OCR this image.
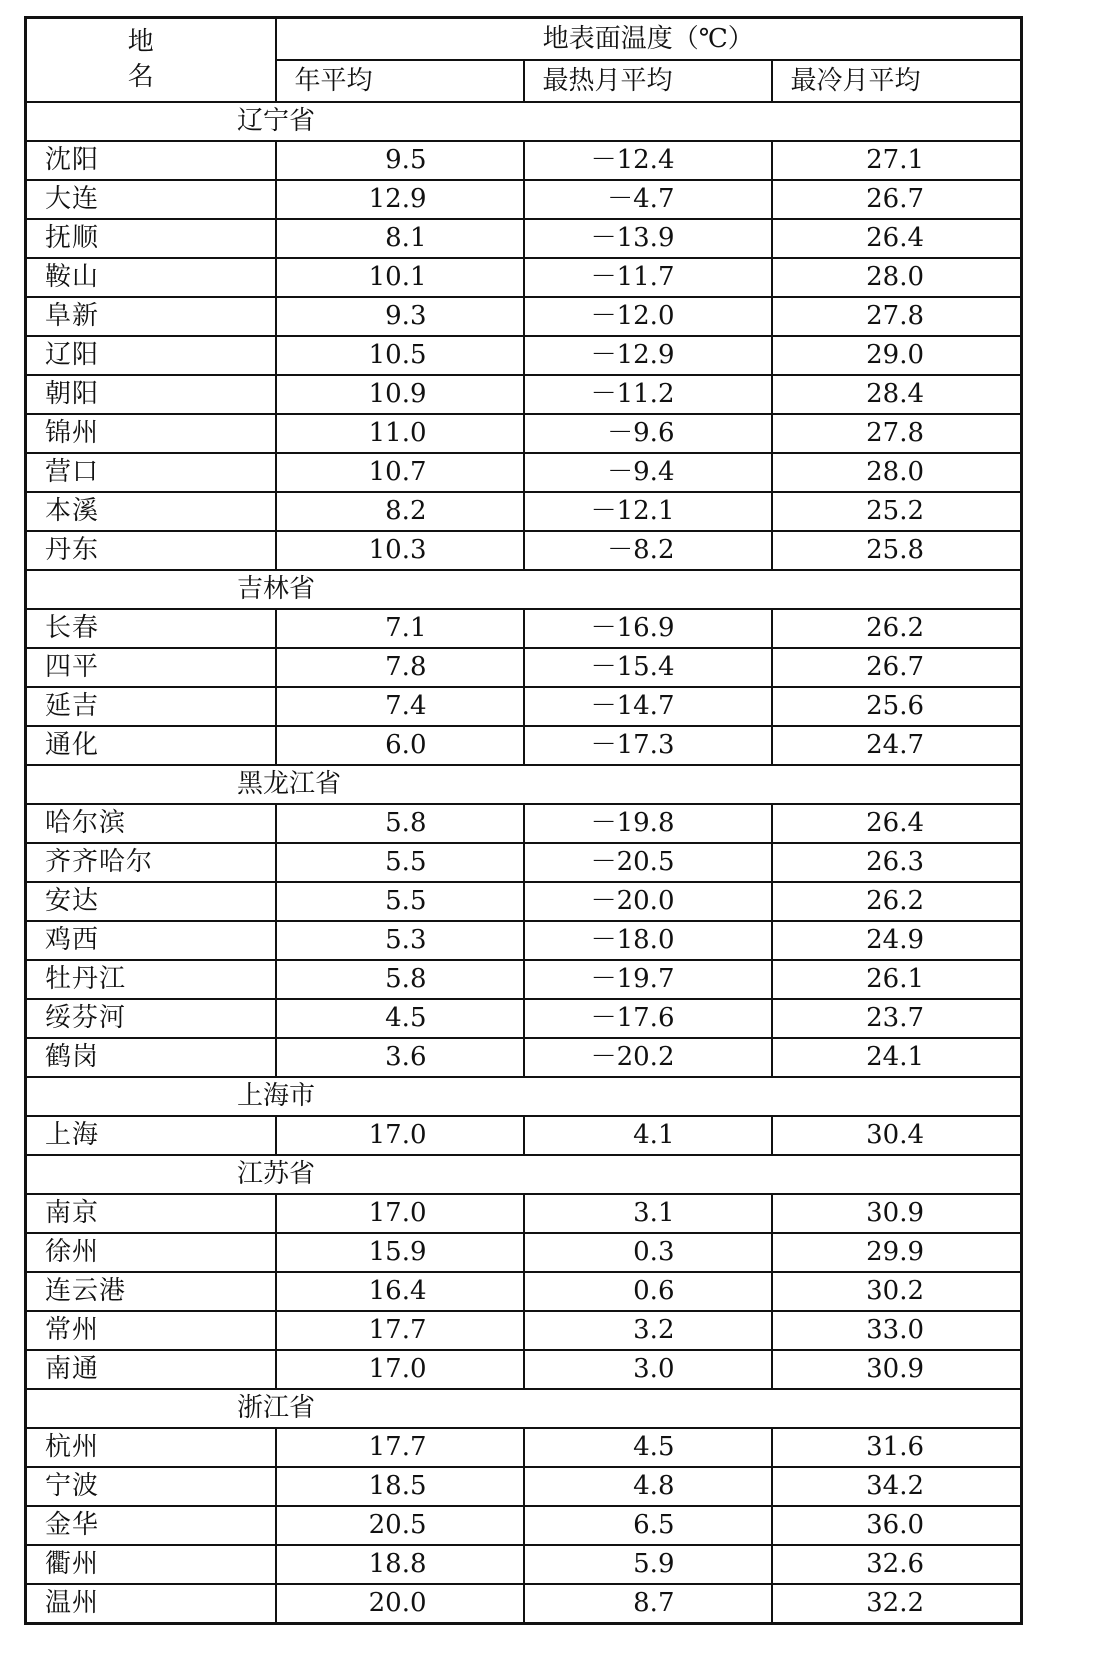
地 名	地表面温度（℃）		
	年平均	最热月平均	最冷月平均
辽宁省			
沈阳	9.5	－12.4	27.1
大连	12.9	－4.7	26.7
抚顺	8.1	－13.9	26.4
鞍山	10.1	－11.7	28.0
阜新	9.3	－12.0	27.8
辽阳	10.5	－12.9	29.0
朝阳	10.9	－11.2	28.4
锦州	11.0	－9.6	27.8
营口	10.7	－9.4	28.0
本溪	8.2	－12.1	25.2
丹东	10.3	－8.2	25.8
吉林省			
长春	7.1	－16.9	26.2
四平	7.8	－15.4	26.7
延吉	7.4	－14.7	25.6
通化	6.0	－17.3	24.7
黑龙江省			
哈尔滨	5.8	－19.8	26.4
齐齐哈尔	5.5	－20.5	26.3
安达	5.5	－20.0	26.2
鸡西	5.3	－18.0	24.9
牡丹江	5.8	－19.7	26.1
绥芬河	4.5	－17.6	23.7
鹤岗	3.6	－20.2	24.1
上海市			
上海	17.0	4.1	30.4
江苏省			
南京	17.0	3.1	30.9
徐州	15.9	0.3	29.9
连云港	16.4	0.6	30.2
常州	17.7	3.2	33.0
南通	17.0	3.0	30.9
浙江省			
杭州	17.7	4.5	31.6
宁波	18.5	4.8	34.2
金华	20.5	6.5	36.0
衢州	18.8	5.9	32.6
温州	20.0	8.7	32.2
